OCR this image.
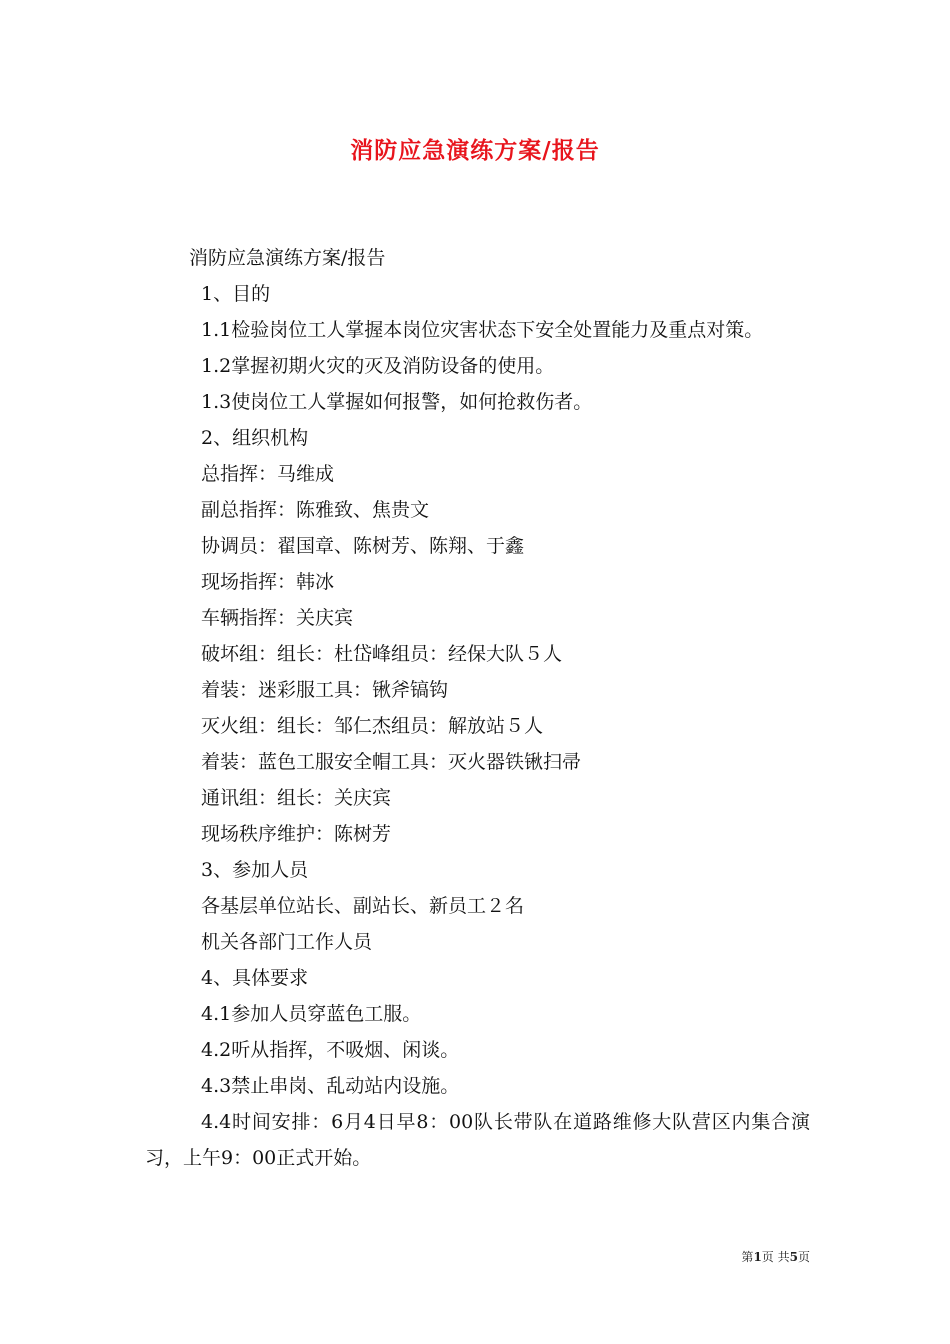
消防应急演练方案/报告
消防应急演练方案/报告
1、目的
1.1检验岗位工人掌握本岗位灾害状态下安全处置能力及重点对策。
1.2掌握初期火灾的灭及消防设备的使用。
1.3使岗位工人掌握如何报警，如何抢救伤者。
2、组织机构
总指挥：马维成
副总指挥：陈雅致、焦贵文
协调员：翟国章、陈树芳、陈翔、于鑫
现场指挥：韩冰
车辆指挥：关庆宾
破坏组：组长：杜岱峰组员：经保大队５人
着装：迷彩服工具：锹斧镐钩
灭火组：组长：邹仁杰组员：解放站５人
着装：蓝色工服安全帽工具：灭火器铁锹扫帚
通讯组：组长：关庆宾
现场秩序维护：陈树芳
3、参加人员
各基层单位站长、副站长、新员工２名
机关各部门工作人员
4、具体要求
4.1参加人员穿蓝色工服。
4.2听从指挥，不吸烟、闲谈。
4.3禁止串岗、乱动站内设施。
4.4时间安排：6月4日早8：00队长带队在道路维修大队营区内集合演习，上午9：00正式开始。
第1页 共5页
